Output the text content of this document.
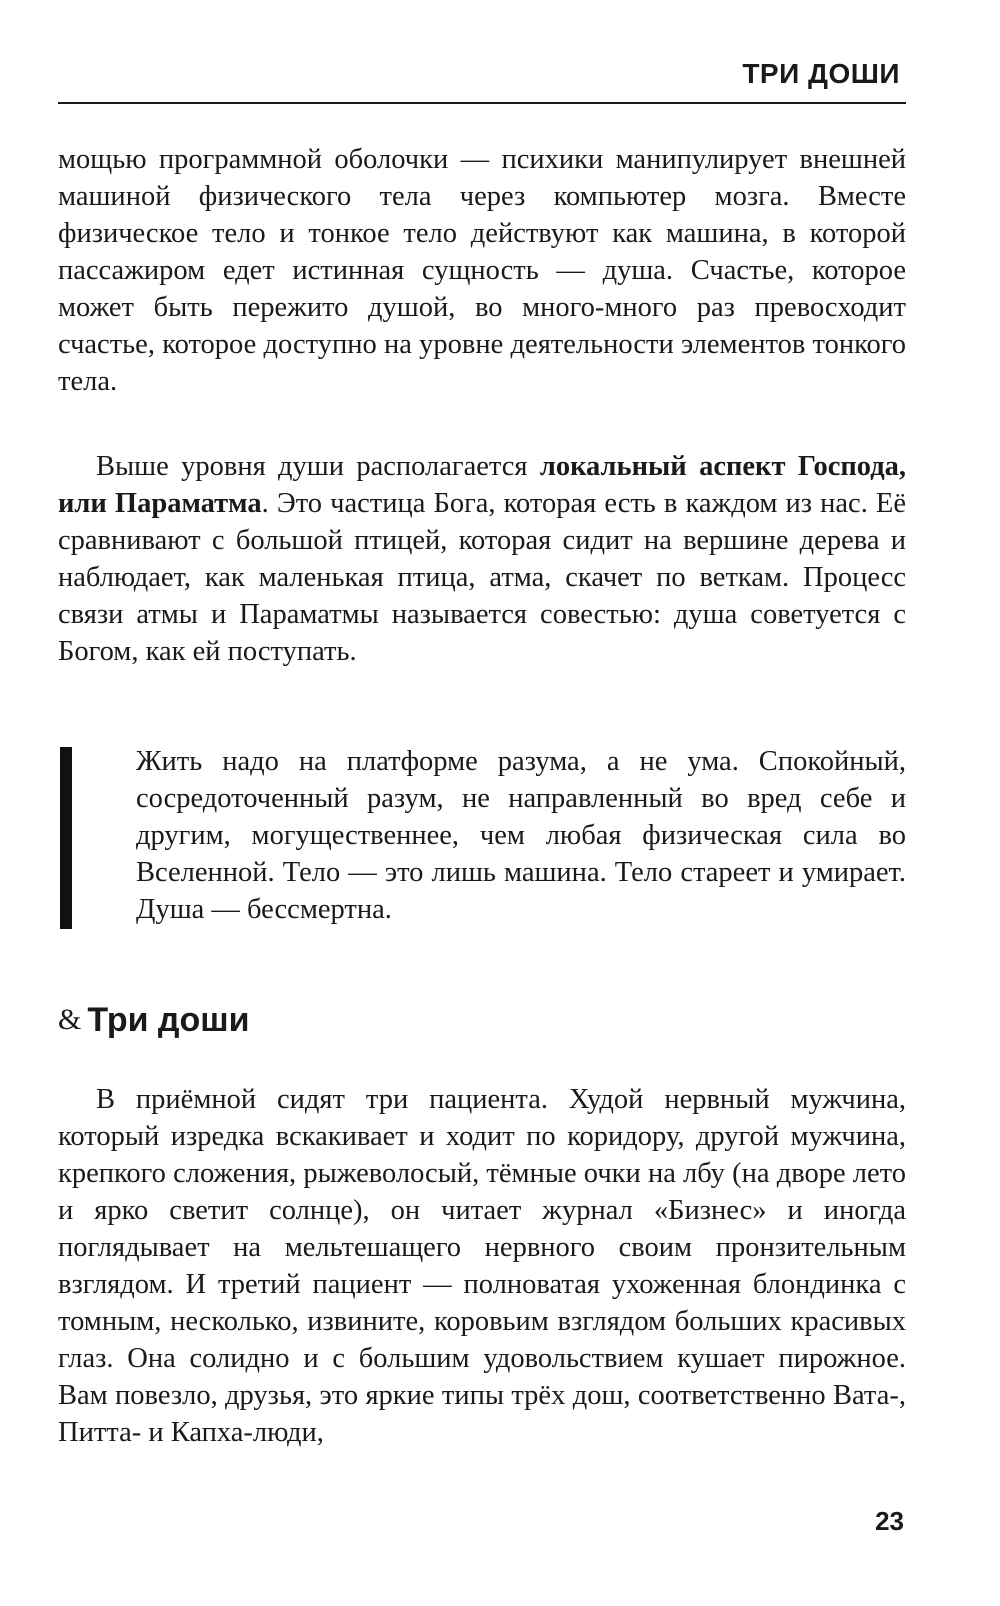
ТРИ ДОШИ

мощью программной оболочки — психики манипулирует внешней машиной физического тела через компьютер мозга. Вместе физическое тело и тонкое тело действуют как машина, в которой пассажиром едет истинная сущность — душа. Счастье, которое может быть пережито душой, во много-много раз превосходит счастье, которое доступно на уровне деятельности элементов тонкого тела.

Выше уровня души располагается локальный аспект Господа, или Параматма. Это частица Бога, которая есть в каждом из нас. Её сравнивают с большой птицей, которая сидит на вершине дерева и наблюдает, как маленькая птица, атма, скачет по веткам. Процесс связи атмы и Параматмы называется совестью: душа советуется с Богом, как ей поступать.

Жить надо на платформе разума, а не ума. Спокойный, сосредоточенный разум, не направленный во вред себе и другим, могущественнее, чем любая физическая сила во Вселенной. Тело — это лишь машина. Тело стареет и умирает. Душа — бессмертна.

& Три доши

В приёмной сидят три пациента. Худой нервный мужчина, который изредка вскакивает и ходит по коридору, другой мужчина, крепкого сложения, рыжеволосый, тёмные очки на лбу (на дворе лето и ярко светит солнце), он читает журнал «Бизнес» и иногда поглядывает на мельтешащего нервного своим пронзительным взглядом. И третий пациент — полноватая ухоженная блондинка с томным, несколько, извините, коровьим взглядом больших красивых глаз. Она солидно и с большим удовольствием кушает пирожное. Вам повезло, друзья, это яркие типы трёх дош, соответственно Вата-, Питта- и Капха-люди,

23
